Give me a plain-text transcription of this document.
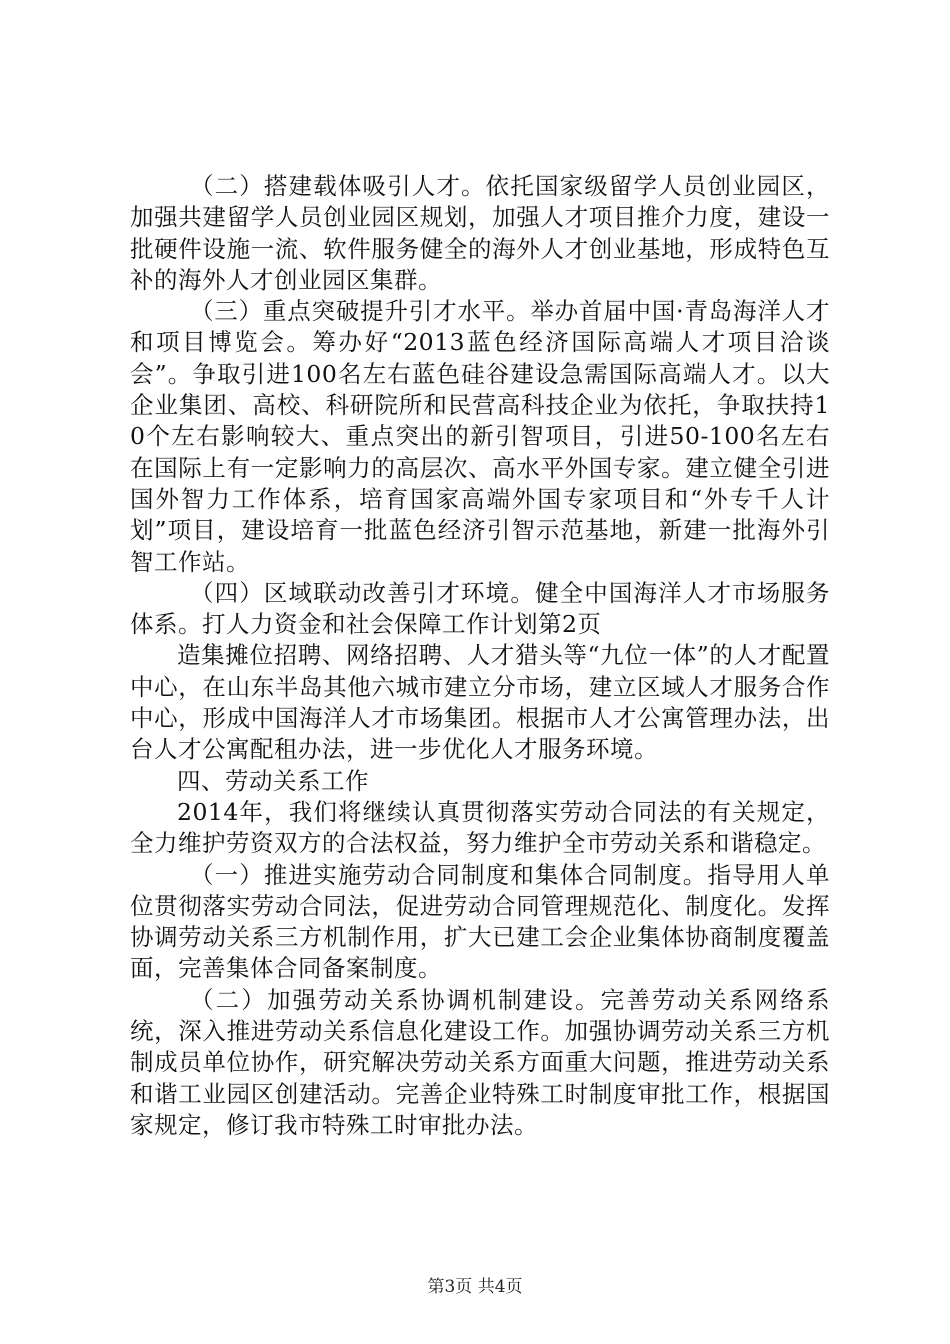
（二）搭建载体吸引人才。依托国家级留学人员创业园区，加强共建留学人员创业园区规划，加强人才项目推介力度，建设一批硬件设施一流、软件服务健全的海外人才创业基地，形成特色互补的海外人才创业园区集群。

（三）重点突破提升引才水平。举办首届中国·青岛海洋人才和项目博览会。筹办好“2013蓝色经济国际高端人才项目洽谈会”。争取引进100名左右蓝色硅谷建设急需国际高端人才。以大企业集团、高校、科研院所和民营高科技企业为依托，争取扶持10个左右影响较大、重点突出的新引智项目，引进50-100名左右在国际上有一定影响力的高层次、高水平外国专家。建立健全引进国外智力工作体系，培育国家高端外国专家项目和“外专千人计划”项目，建设培育一批蓝色经济引智示范基地，新建一批海外引智工作站。

（四）区域联动改善引才环境。健全中国海洋人才市场服务体系。打人力资金和社会保障工作计划第2页

造集摊位招聘、网络招聘、人才猎头等“九位一体”的人才配置中心，在山东半岛其他六城市建立分市场，建立区域人才服务合作中心，形成中国海洋人才市场集团。根据市人才公寓管理办法，出台人才公寓配租办法，进一步优化人才服务环境。

四、劳动关系工作

2014年，我们将继续认真贯彻落实劳动合同法的有关规定，全力维护劳资双方的合法权益，努力维护全市劳动关系和谐稳定。

（一）推进实施劳动合同制度和集体合同制度。指导用人单位贯彻落实劳动合同法，促进劳动合同管理规范化、制度化。发挥协调劳动关系三方机制作用，扩大已建工会企业集体协商制度覆盖面，完善集体合同备案制度。

（二）加强劳动关系协调机制建设。完善劳动关系网络系统，深入推进劳动关系信息化建设工作。加强协调劳动关系三方机制成员单位协作，研究解决劳动关系方面重大问题，推进劳动关系和谐工业园区创建活动。完善企业特殊工时制度审批工作，根据国家规定，修订我市特殊工时审批办法。

第3页 共4页
